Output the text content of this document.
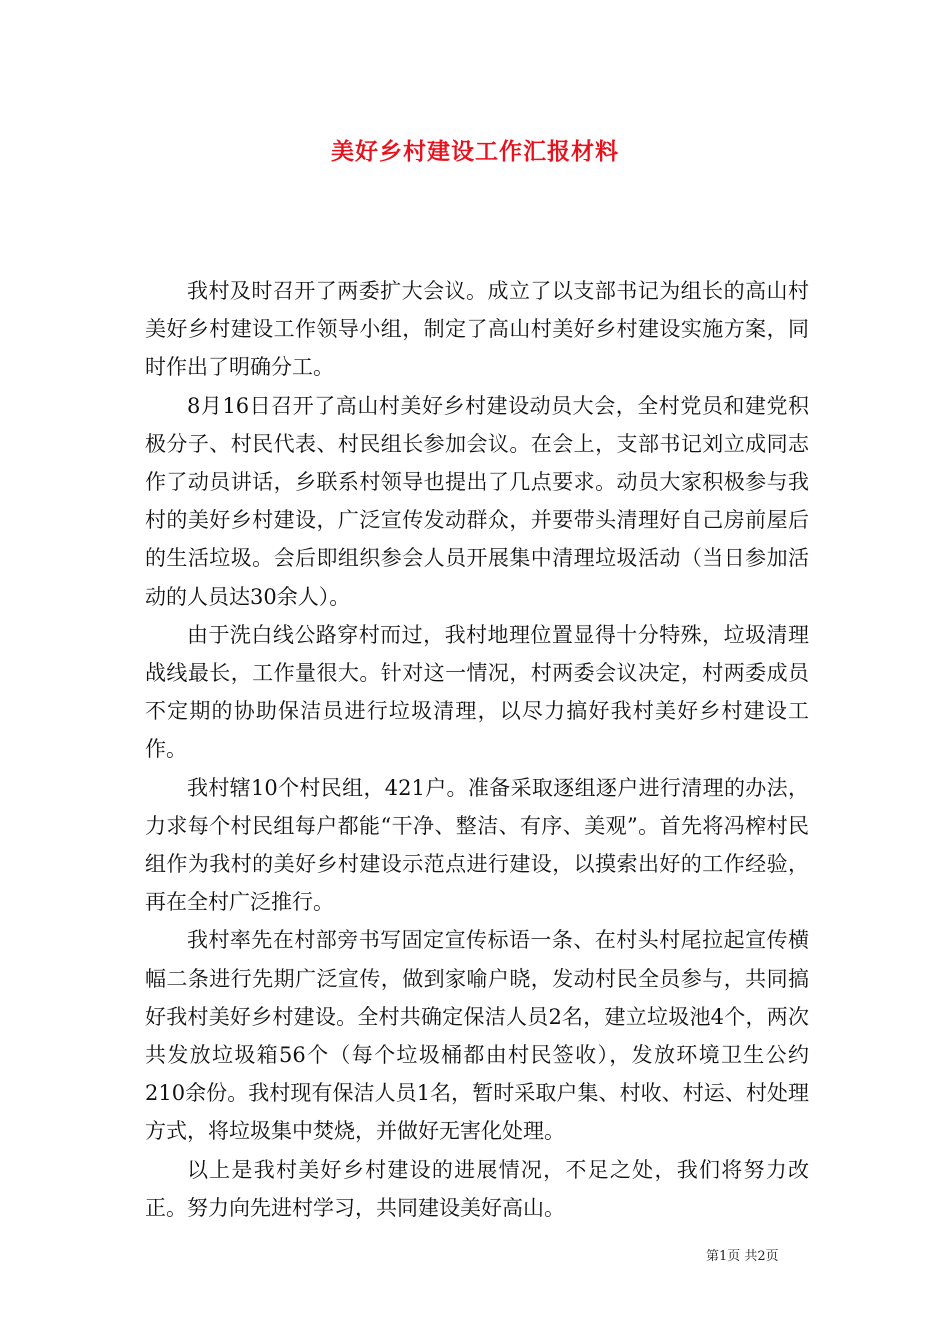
美好乡村建设工作汇报材料

我村及时召开了两委扩大会议。成立了以支部书记为组长的高山村美好乡村建设工作领导小组，制定了高山村美好乡村建设实施方案，同时作出了明确分工。

8月16日召开了高山村美好乡村建设动员大会，全村党员和建党积极分子、村民代表、村民组长参加会议。在会上，支部书记刘立成同志作了动员讲话，乡联系村领导也提出了几点要求。动员大家积极参与我村的美好乡村建设，广泛宣传发动群众，并要带头清理好自己房前屋后的生活垃圾。会后即组织参会人员开展集中清理垃圾活动（当日参加活动的人员达30余人）。

由于洗白线公路穿村而过，我村地理位置显得十分特殊，垃圾清理战线最长，工作量很大。针对这一情况，村两委会议决定，村两委成员不定期的协助保洁员进行垃圾清理，以尽力搞好我村美好乡村建设工作。

我村辖10个村民组，421户。准备采取逐组逐户进行清理的办法，力求每个村民组每户都能“干净、整洁、有序、美观”。首先将冯榨村民组作为我村的美好乡村建设示范点进行建设，以摸索出好的工作经验，再在全村广泛推行。

我村率先在村部旁书写固定宣传标语一条、在村头村尾拉起宣传横幅二条进行先期广泛宣传，做到家喻户晓，发动村民全员参与，共同搞好我村美好乡村建设。全村共确定保洁人员2名，建立垃圾池4个，两次共发放垃圾箱56个（每个垃圾桶都由村民签收），发放环境卫生公约210余份。我村现有保洁人员1名，暂时采取户集、村收、村运、村处理方式，将垃圾集中焚烧，并做好无害化处理。

以上是我村美好乡村建设的进展情况，不足之处，我们将努力改正。努力向先进村学习，共同建设美好高山。

第1页 共2页
